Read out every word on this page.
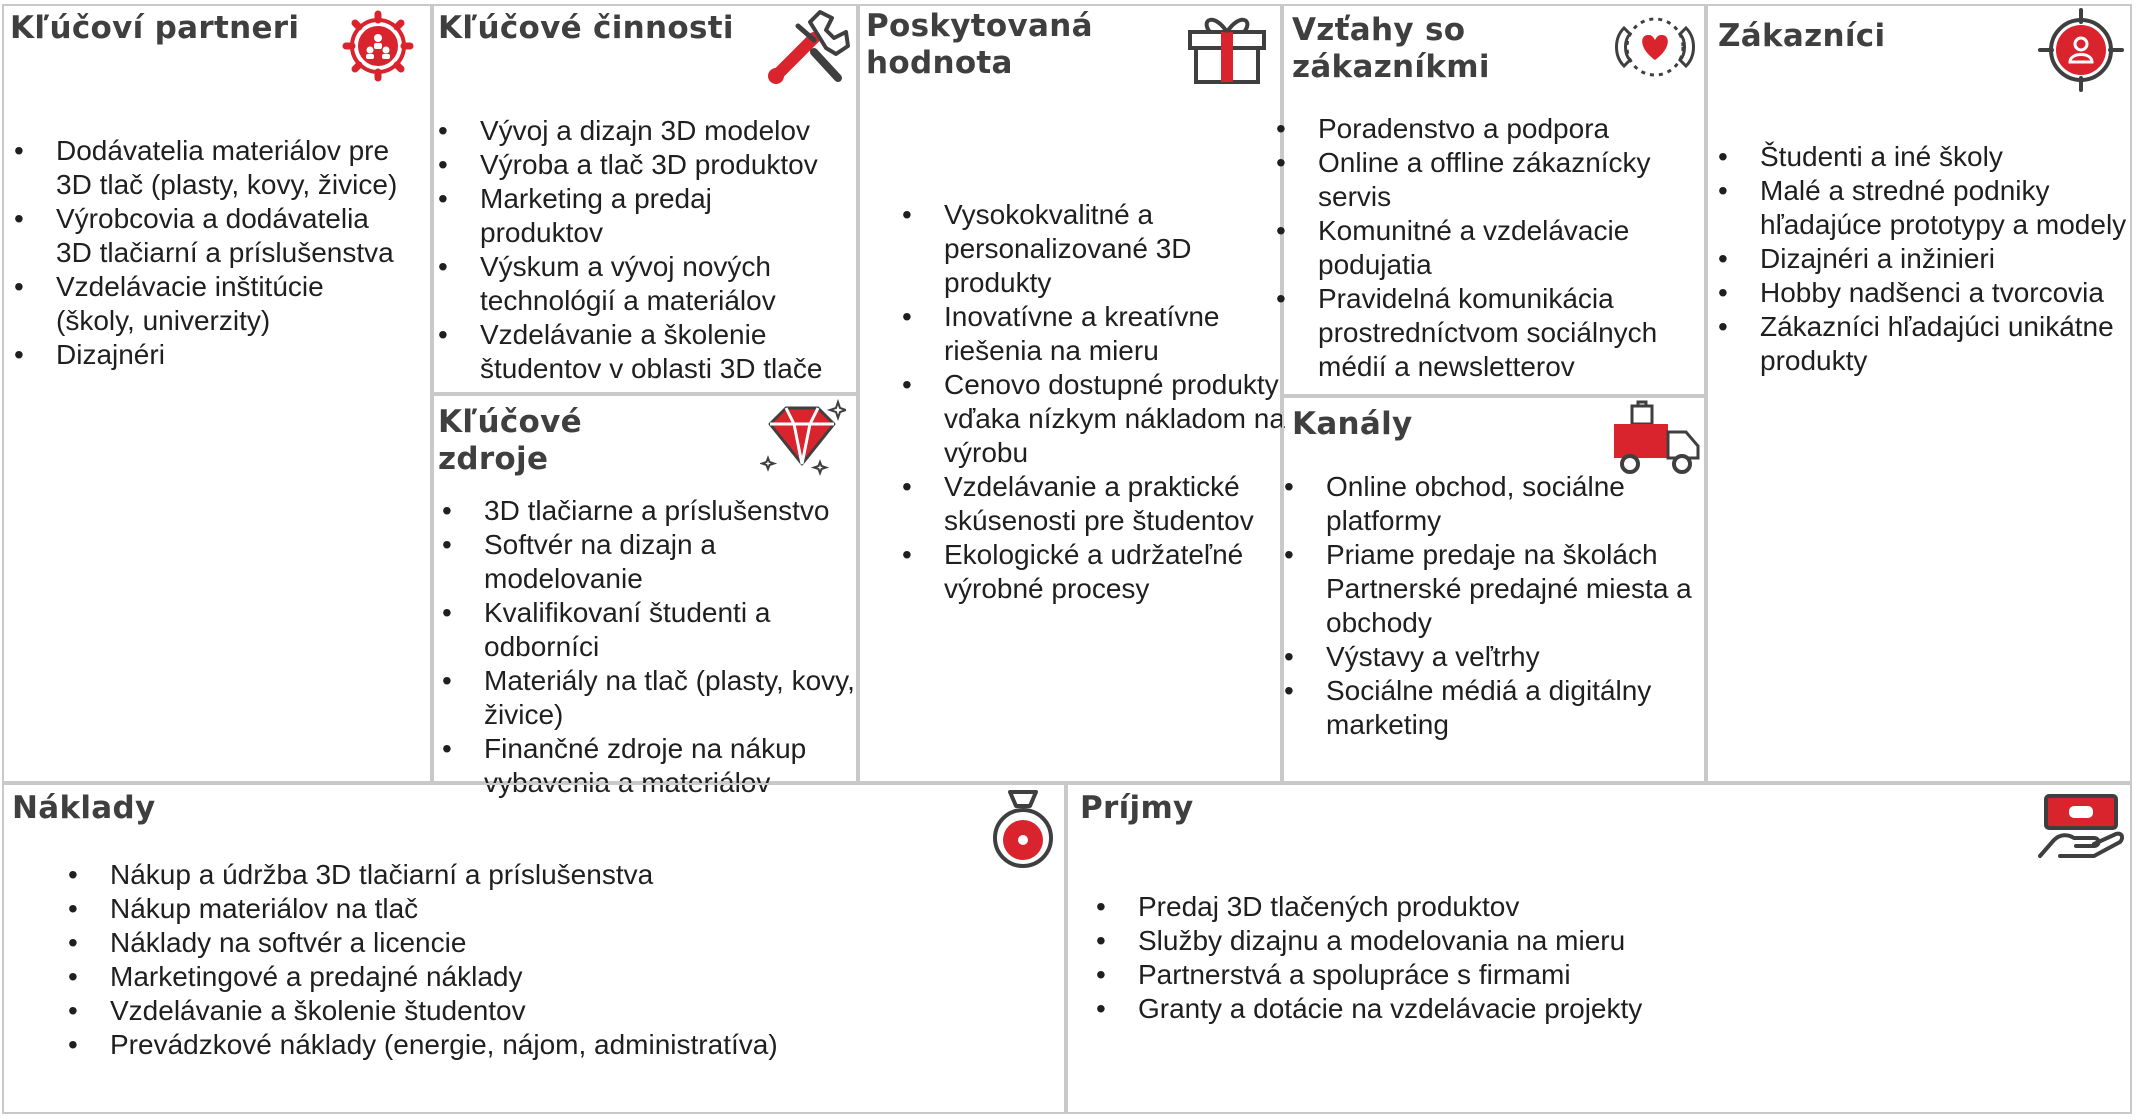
Kľúčoví partneri
• Dodávatelia materiálov pre 3D tlač (plasty, kovy, živice)
• Výrobcovia a dodávatelia 3D tlačiarní a príslušenstva
• Vzdelávacie inštitúcie (školy, univerzity)
• Dizajnéri
Kľúčové činnosti
• Vývoj a dizajn 3D modelov
• Výroba a tlač 3D produktov
• Marketing a predaj produktov
• Výskum a vývoj nových technológií a materiálov
• Vzdelávanie a školenie študentov v oblasti 3D tlače
Kľúčové
zdroje
• 3D tlačiarne a príslušenstvo
• Softvér na dizajn a modelovanie
• Kvalifikovaní študenti a odborníci
• Materiály na tlač (plasty, kovy, živice)
• Finančné zdroje na nákup vybavenia a materiálov
Poskytovaná
hodnota
• Vysokokvalitné a personalizované 3D produkty
• Inovatívne a kreatívne riešenia na mieru
• Cenovo dostupné produkty vďaka nízkym nákladom na výrobu
• Vzdelávanie a praktické skúsenosti pre študentov
• Ekologické a udržateľné výrobné procesy
Vzťahy so
zákazníkmi
• Poradenstvo a podpora
• Online a offline zákaznícky servis
• Komunitné a vzdelávacie podujatia
• Pravidelná komunikácia prostredníctvom sociálnych médií a newsletterov
Kanály
• Online obchod, sociálne platformy
• Priame predaje na školách Partnerské predajné miesta a obchody
• Výstavy a veľtrhy
• Sociálne médiá a digitálny marketing
Zákazníci
• Študenti a iné školy
• Malé a stredné podniky hľadajúce prototypy a modely
• Dizajnéri a inžinieri
• Hobby nadšenci a tvorcovia
• Zákazníci hľadajúci unikátne produkty
Náklady
• Nákup a údržba 3D tlačiarní a príslušenstva
• Nákup materiálov na tlač
• Náklady na softvér a licencie
• Marketingové a predajné náklady
• Vzdelávanie a školenie študentov
• Prevádzkové náklady (energie, nájom, administratíva)
Príjmy
• Predaj 3D tlačených produktov
• Služby dizajnu a modelovania na mieru
• Partnerstvá a spolupráce s firmami
• Granty a dotácie na vzdelávacie projekty
